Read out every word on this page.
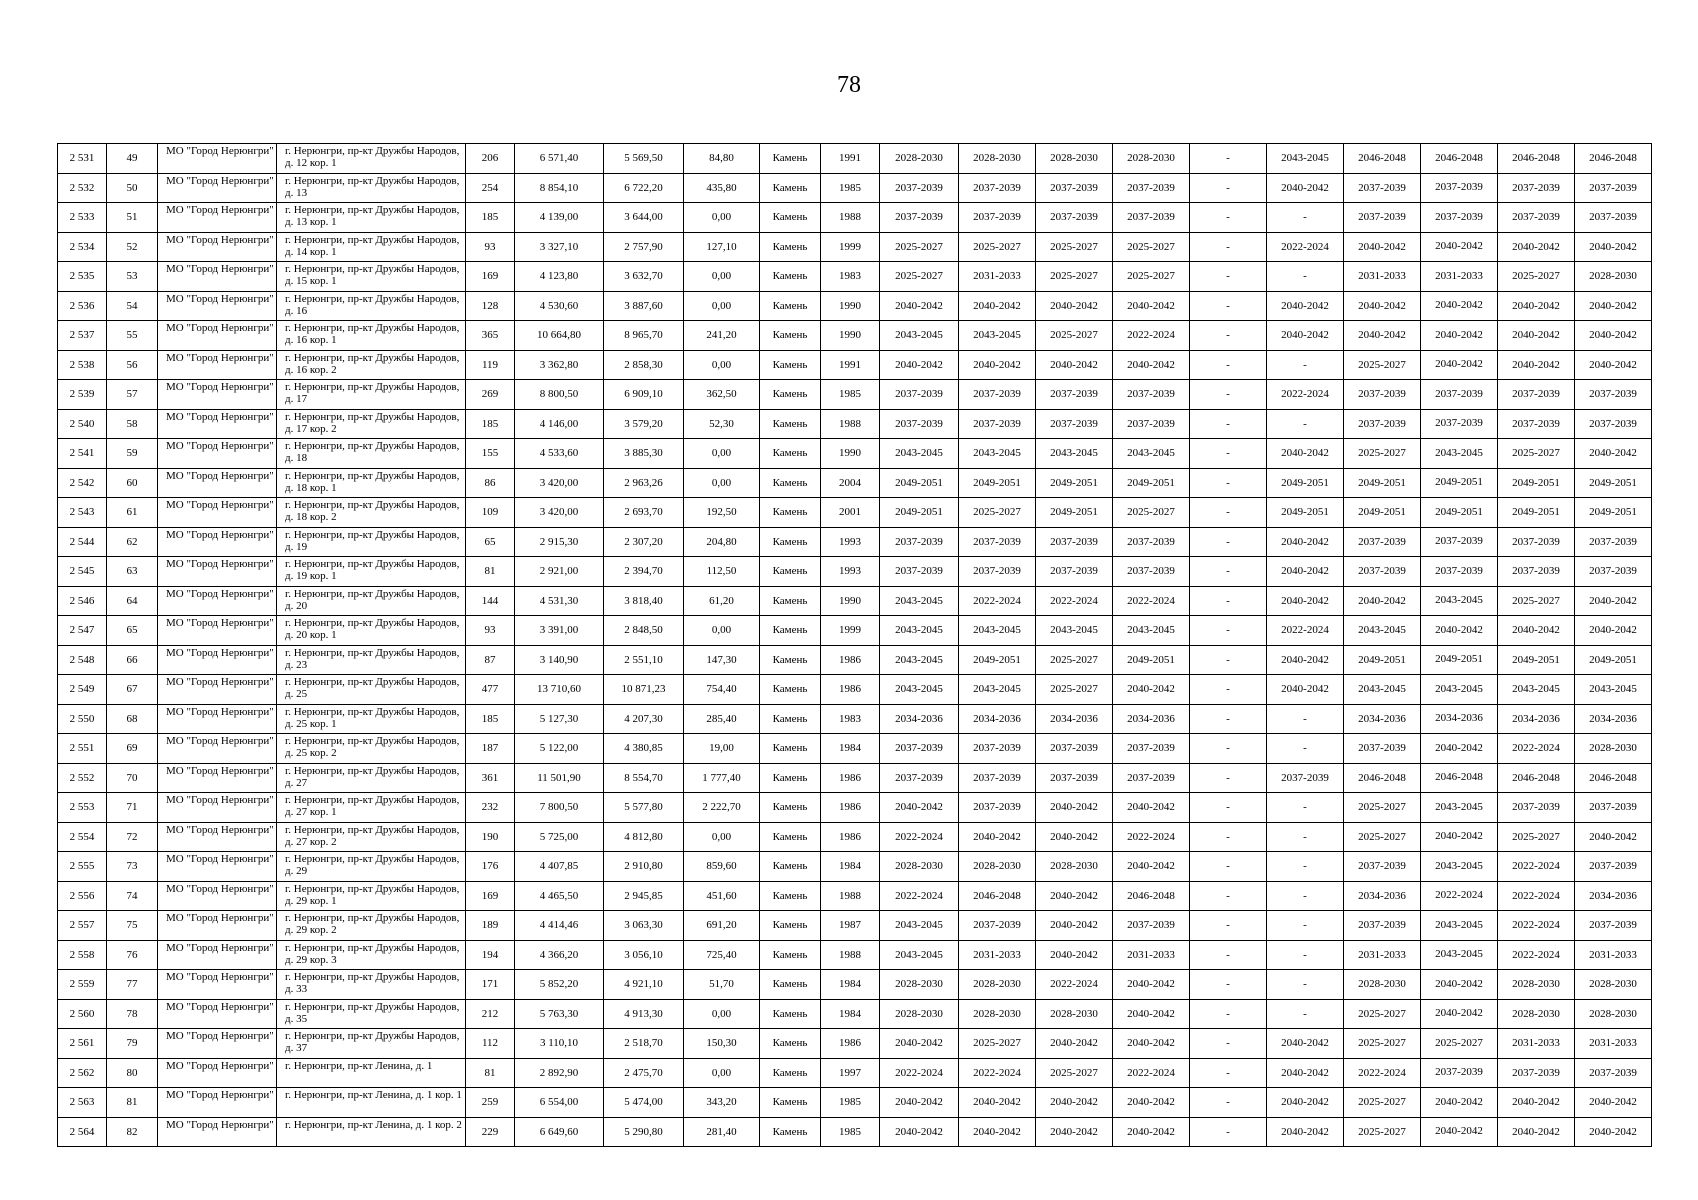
78
2 531	49	МО "Город Нерюнгри"	г. Нерюнгри, пр-кт Дружбы Народов, д. 12 кор. 1	206	6 571,40	5 569,50	84,80	Камень	1991	2028-2030	2028-2030	2028-2030	2028-2030	-	2043-2045	2046-2048	2046-2048	2046-2048	2046-2048
2 532	50	МО "Город Нерюнгри"	г. Нерюнгри, пр-кт Дружбы Народов, д. 13	254	8 854,10	6 722,20	435,80	Камень	1985	2037-2039	2037-2039	2037-2039	2037-2039	-	2040-2042	2037-2039	2037-2039	2037-2039	2037-2039
2 533	51	МО "Город Нерюнгри"	г. Нерюнгри, пр-кт Дружбы Народов, д. 13 кор. 1	185	4 139,00	3 644,00	0,00	Камень	1988	2037-2039	2037-2039	2037-2039	2037-2039	-	-	2037-2039	2037-2039	2037-2039	2037-2039
2 534	52	МО "Город Нерюнгри"	г. Нерюнгри, пр-кт Дружбы Народов, д. 14 кор. 1	93	3 327,10	2 757,90	127,10	Камень	1999	2025-2027	2025-2027	2025-2027	2025-2027	-	2022-2024	2040-2042	2040-2042	2040-2042	2040-2042
2 535	53	МО "Город Нерюнгри"	г. Нерюнгри, пр-кт Дружбы Народов, д. 15 кор. 1	169	4 123,80	3 632,70	0,00	Камень	1983	2025-2027	2031-2033	2025-2027	2025-2027	-	-	2031-2033	2031-2033	2025-2027	2028-2030
2 536	54	МО "Город Нерюнгри"	г. Нерюнгри, пр-кт Дружбы Народов, д. 16	128	4 530,60	3 887,60	0,00	Камень	1990	2040-2042	2040-2042	2040-2042	2040-2042	-	2040-2042	2040-2042	2040-2042	2040-2042	2040-2042
2 537	55	МО "Город Нерюнгри"	г. Нерюнгри, пр-кт Дружбы Народов, д. 16 кор. 1	365	10 664,80	8 965,70	241,20	Камень	1990	2043-2045	2043-2045	2025-2027	2022-2024	-	2040-2042	2040-2042	2040-2042	2040-2042	2040-2042
2 538	56	МО "Город Нерюнгри"	г. Нерюнгри, пр-кт Дружбы Народов, д. 16 кор. 2	119	3 362,80	2 858,30	0,00	Камень	1991	2040-2042	2040-2042	2040-2042	2040-2042	-	-	2025-2027	2040-2042	2040-2042	2040-2042
2 539	57	МО "Город Нерюнгри"	г. Нерюнгри, пр-кт Дружбы Народов, д. 17	269	8 800,50	6 909,10	362,50	Камень	1985	2037-2039	2037-2039	2037-2039	2037-2039	-	2022-2024	2037-2039	2037-2039	2037-2039	2037-2039
2 540	58	МО "Город Нерюнгри"	г. Нерюнгри, пр-кт Дружбы Народов, д. 17 кор. 2	185	4 146,00	3 579,20	52,30	Камень	1988	2037-2039	2037-2039	2037-2039	2037-2039	-	-	2037-2039	2037-2039	2037-2039	2037-2039
2 541	59	МО "Город Нерюнгри"	г. Нерюнгри, пр-кт Дружбы Народов, д. 18	155	4 533,60	3 885,30	0,00	Камень	1990	2043-2045	2043-2045	2043-2045	2043-2045	-	2040-2042	2025-2027	2043-2045	2025-2027	2040-2042
2 542	60	МО "Город Нерюнгри"	г. Нерюнгри, пр-кт Дружбы Народов, д. 18 кор. 1	86	3 420,00	2 963,26	0,00	Камень	2004	2049-2051	2049-2051	2049-2051	2049-2051	-	2049-2051	2049-2051	2049-2051	2049-2051	2049-2051
2 543	61	МО "Город Нерюнгри"	г. Нерюнгри, пр-кт Дружбы Народов, д. 18 кор. 2	109	3 420,00	2 693,70	192,50	Камень	2001	2049-2051	2025-2027	2049-2051	2025-2027	-	2049-2051	2049-2051	2049-2051	2049-2051	2049-2051
2 544	62	МО "Город Нерюнгри"	г. Нерюнгри, пр-кт Дружбы Народов, д. 19	65	2 915,30	2 307,20	204,80	Камень	1993	2037-2039	2037-2039	2037-2039	2037-2039	-	2040-2042	2037-2039	2037-2039	2037-2039	2037-2039
2 545	63	МО "Город Нерюнгри"	г. Нерюнгри, пр-кт Дружбы Народов, д. 19 кор. 1	81	2 921,00	2 394,70	112,50	Камень	1993	2037-2039	2037-2039	2037-2039	2037-2039	-	2040-2042	2037-2039	2037-2039	2037-2039	2037-2039
2 546	64	МО "Город Нерюнгри"	г. Нерюнгри, пр-кт Дружбы Народов, д. 20	144	4 531,30	3 818,40	61,20	Камень	1990	2043-2045	2022-2024	2022-2024	2022-2024	-	2040-2042	2040-2042	2043-2045	2025-2027	2040-2042
2 547	65	МО "Город Нерюнгри"	г. Нерюнгри, пр-кт Дружбы Народов, д. 20 кор. 1	93	3 391,00	2 848,50	0,00	Камень	1999	2043-2045	2043-2045	2043-2045	2043-2045	-	2022-2024	2043-2045	2040-2042	2040-2042	2040-2042
2 548	66	МО "Город Нерюнгри"	г. Нерюнгри, пр-кт Дружбы Народов, д. 23	87	3 140,90	2 551,10	147,30	Камень	1986	2043-2045	2049-2051	2025-2027	2049-2051	-	2040-2042	2049-2051	2049-2051	2049-2051	2049-2051
2 549	67	МО "Город Нерюнгри"	г. Нерюнгри, пр-кт Дружбы Народов, д. 25	477	13 710,60	10 871,23	754,40	Камень	1986	2043-2045	2043-2045	2025-2027	2040-2042	-	2040-2042	2043-2045	2043-2045	2043-2045	2043-2045
2 550	68	МО "Город Нерюнгри"	г. Нерюнгри, пр-кт Дружбы Народов, д. 25 кор. 1	185	5 127,30	4 207,30	285,40	Камень	1983	2034-2036	2034-2036	2034-2036	2034-2036	-	-	2034-2036	2034-2036	2034-2036	2034-2036
2 551	69	МО "Город Нерюнгри"	г. Нерюнгри, пр-кт Дружбы Народов, д. 25 кор. 2	187	5 122,00	4 380,85	19,00	Камень	1984	2037-2039	2037-2039	2037-2039	2037-2039	-	-	2037-2039	2040-2042	2022-2024	2028-2030
2 552	70	МО "Город Нерюнгри"	г. Нерюнгри, пр-кт Дружбы Народов, д. 27	361	11 501,90	8 554,70	1 777,40	Камень	1986	2037-2039	2037-2039	2037-2039	2037-2039	-	2037-2039	2046-2048	2046-2048	2046-2048	2046-2048
2 553	71	МО "Город Нерюнгри"	г. Нерюнгри, пр-кт Дружбы Народов, д. 27 кор. 1	232	7 800,50	5 577,80	2 222,70	Камень	1986	2040-2042	2037-2039	2040-2042	2040-2042	-	-	2025-2027	2043-2045	2037-2039	2037-2039
2 554	72	МО "Город Нерюнгри"	г. Нерюнгри, пр-кт Дружбы Народов, д. 27 кор. 2	190	5 725,00	4 812,80	0,00	Камень	1986	2022-2024	2040-2042	2040-2042	2022-2024	-	-	2025-2027	2040-2042	2025-2027	2040-2042
2 555	73	МО "Город Нерюнгри"	г. Нерюнгри, пр-кт Дружбы Народов, д. 29	176	4 407,85	2 910,80	859,60	Камень	1984	2028-2030	2028-2030	2028-2030	2040-2042	-	-	2037-2039	2043-2045	2022-2024	2037-2039
2 556	74	МО "Город Нерюнгри"	г. Нерюнгри, пр-кт Дружбы Народов, д. 29 кор. 1	169	4 465,50	2 945,85	451,60	Камень	1988	2022-2024	2046-2048	2040-2042	2046-2048	-	-	2034-2036	2022-2024	2022-2024	2034-2036
2 557	75	МО "Город Нерюнгри"	г. Нерюнгри, пр-кт Дружбы Народов, д. 29 кор. 2	189	4 414,46	3 063,30	691,20	Камень	1987	2043-2045	2037-2039	2040-2042	2037-2039	-	-	2037-2039	2043-2045	2022-2024	2037-2039
2 558	76	МО "Город Нерюнгри"	г. Нерюнгри, пр-кт Дружбы Народов, д. 29 кор. 3	194	4 366,20	3 056,10	725,40	Камень	1988	2043-2045	2031-2033	2040-2042	2031-2033	-	-	2031-2033	2043-2045	2022-2024	2031-2033
2 559	77	МО "Город Нерюнгри"	г. Нерюнгри, пр-кт Дружбы Народов, д. 33	171	5 852,20	4 921,10	51,70	Камень	1984	2028-2030	2028-2030	2022-2024	2040-2042	-	-	2028-2030	2040-2042	2028-2030	2028-2030
2 560	78	МО "Город Нерюнгри"	г. Нерюнгри, пр-кт Дружбы Народов, д. 35	212	5 763,30	4 913,30	0,00	Камень	1984	2028-2030	2028-2030	2028-2030	2040-2042	-	-	2025-2027	2040-2042	2028-2030	2028-2030
2 561	79	МО "Город Нерюнгри"	г. Нерюнгри, пр-кт Дружбы Народов, д. 37	112	3 110,10	2 518,70	150,30	Камень	1986	2040-2042	2025-2027	2040-2042	2040-2042	-	2040-2042	2025-2027	2025-2027	2031-2033	2031-2033
2 562	80	МО "Город Нерюнгри"	г. Нерюнгри, пр-кт Ленина, д. 1	81	2 892,90	2 475,70	0,00	Камень	1997	2022-2024	2022-2024	2025-2027	2022-2024	-	2040-2042	2022-2024	2037-2039	2037-2039	2037-2039
2 563	81	МО "Город Нерюнгри"	г. Нерюнгри, пр-кт Ленина, д. 1 кор. 1	259	6 554,00	5 474,00	343,20	Камень	1985	2040-2042	2040-2042	2040-2042	2040-2042	-	2040-2042	2025-2027	2040-2042	2040-2042	2040-2042
2 564	82	МО "Город Нерюнгри"	г. Нерюнгри, пр-кт Ленина, д. 1 кор. 2	229	6 649,60	5 290,80	281,40	Камень	1985	2040-2042	2040-2042	2040-2042	2040-2042	-	2040-2042	2025-2027	2040-2042	2040-2042	2040-2042
